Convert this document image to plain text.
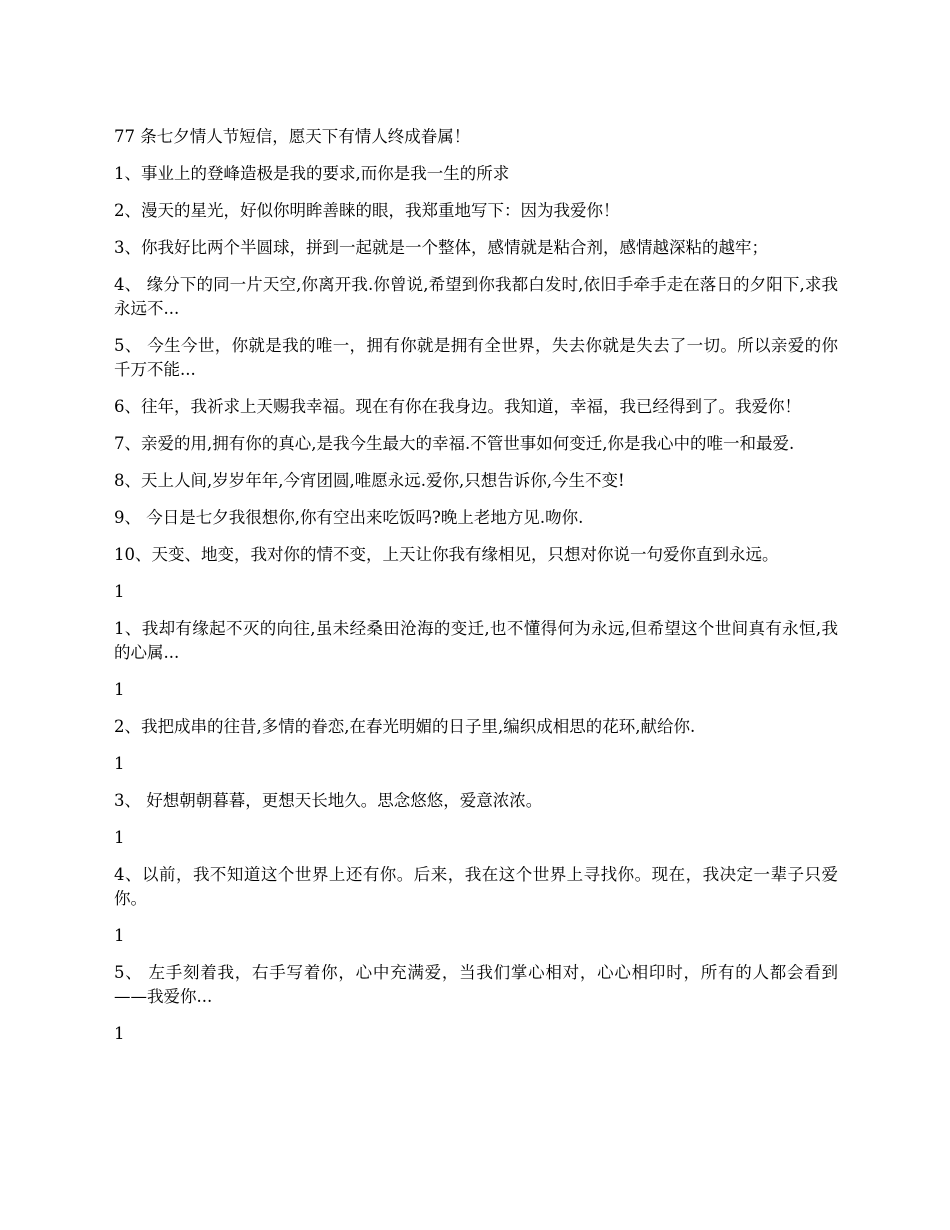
77 条七夕情人节短信，愿天下有情人终成眷属！

1、事业上的登峰造极是我的要求,而你是我一生的所求

2、漫天的星光，好似你明眸善睐的眼，我郑重地写下：因为我爱你！

3、你我好比两个半圆球，拼到一起就是一个整体，感情就是粘合剂，感情越深粘的越牢；

4、 缘分下的同一片天空,你离开我.你曾说,希望到你我都白发时,依旧手牵手走在落日的夕阳下,求我永远不...

5、 今生今世，你就是我的唯一，拥有你就是拥有全世界，失去你就是失去了一切。所以亲爱的你千万不能...

6、往年，我祈求上天赐我幸福。现在有你在我身边。我知道，幸福，我已经得到了。我爱你！

7、亲爱的用,拥有你的真心,是我今生最大的幸福.不管世事如何变迁,你是我心中的唯一和最爱.

8、天上人间,岁岁年年,今宵团圆,唯愿永远.爱你,只想告诉你,今生不变!

9、 今日是七夕我很想你,你有空出来吃饭吗?晚上老地方见.吻你.

10、天变、地变，我对你的情不变，上天让你我有缘相见，只想对你说一句爱你直到永远。

1

1、我却有缘起不灭的向往,虽未经桑田沧海的变迁,也不懂得何为永远,但希望这个世间真有永恒,我的心属...

1

2、我把成串的往昔,多情的眷恋,在春光明媚的日子里,编织成相思的花环,献给你.

1

3、 好想朝朝暮暮，更想天长地久。思念悠悠，爱意浓浓。

1

4、以前，我不知道这个世界上还有你。后来，我在这个世界上寻找你。现在，我决定一辈子只爱你。

1

5、 左手刻着我，右手写着你，心中充满爱，当我们掌心相对，心心相印时，所有的人都会看到——我爱你...

1
